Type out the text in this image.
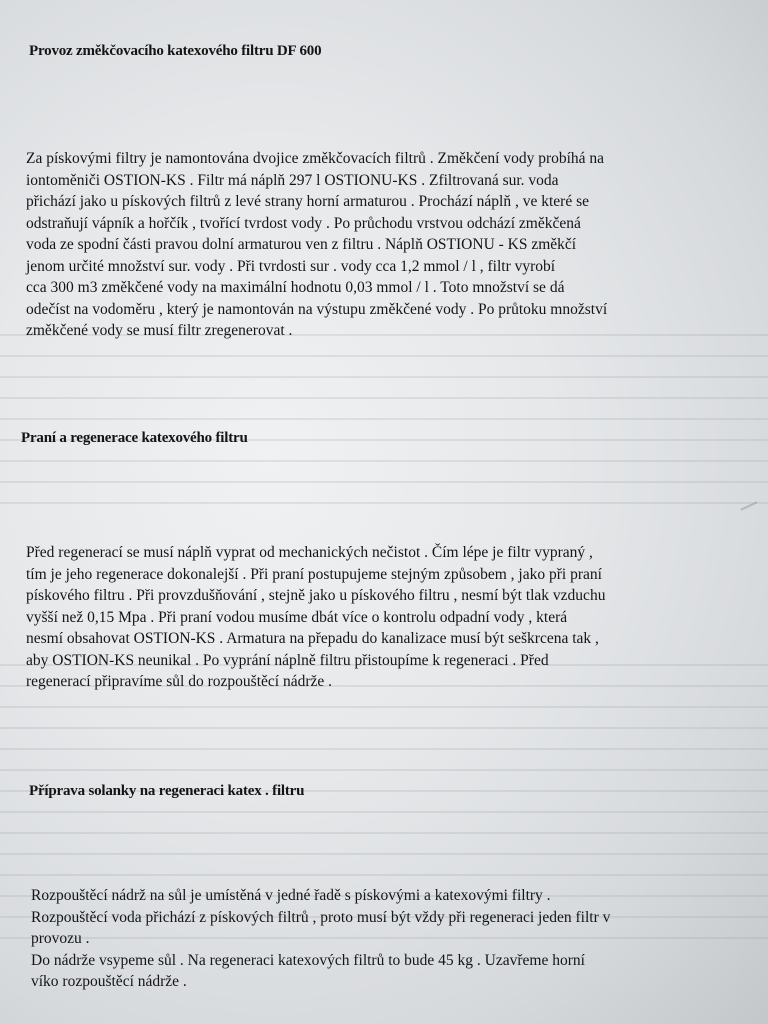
Provoz změkčovacího katexového filtru DF 600

Za pískovými filtry je namontována dvojice změkčovacích filtrů . Změkčení vody probíhá na
iontoměniči OSTION-KS . Filtr má náplň 297 l OSTIONU-KS . Zfiltrovaná sur. voda
přichází jako u pískových filtrů z levé strany horní armaturou . Prochází náplň , ve které se
odstraňují vápník a hořčík , tvořící tvrdost vody . Po průchodu vrstvou odchází změkčená
voda ze spodní části pravou dolní armaturou ven z filtru . Náplň OSTIONU - KS změkčí
jenom určité množství sur. vody . Při tvrdosti sur . vody cca 1,2 mmol / l , filtr vyrobí
cca 300 m3 změkčené vody na maximální hodnotu 0,03 mmol / l . Toto množství se dá
odečíst na vodoměru , který je namontován na výstupu změkčené vody . Po průtoku množství
změkčené vody se musí filtr zregenerovat .

Praní a regenerace katexového filtru

Před regenerací se musí náplň vyprat od mechanických nečistot . Čím lépe je filtr vypraný ,
tím je jeho regenerace dokonalejší . Při praní postupujeme stejným způsobem , jako při praní
pískového filtru . Při provzdušňování , stejně jako u pískového filtru , nesmí být tlak vzduchu
vyšší než 0,15 Mpa . Při praní vodou musíme dbát více o kontrolu odpadní vody , která
nesmí obsahovat OSTION-KS . Armatura na přepadu do kanalizace musí být seškrcena tak ,
aby OSTION-KS neunikal . Po vyprání náplně filtru přistoupíme k regeneraci . Před
regenerací připravíme sůl do rozpouštěcí nádrže .

Příprava solanky na regeneraci katex . filtru

Rozpouštěcí nádrž na sůl je umístěná v jedné řadě s pískovými a katexovými filtry .
Rozpouštěcí voda přichází z pískových filtrů , proto musí být vždy při regeneraci jeden filtr v
provozu .
Do nádrže vsypeme sůl . Na regeneraci katexových filtrů to bude 45 kg . Uzavřeme horní
víko rozpouštěcí nádrže .
